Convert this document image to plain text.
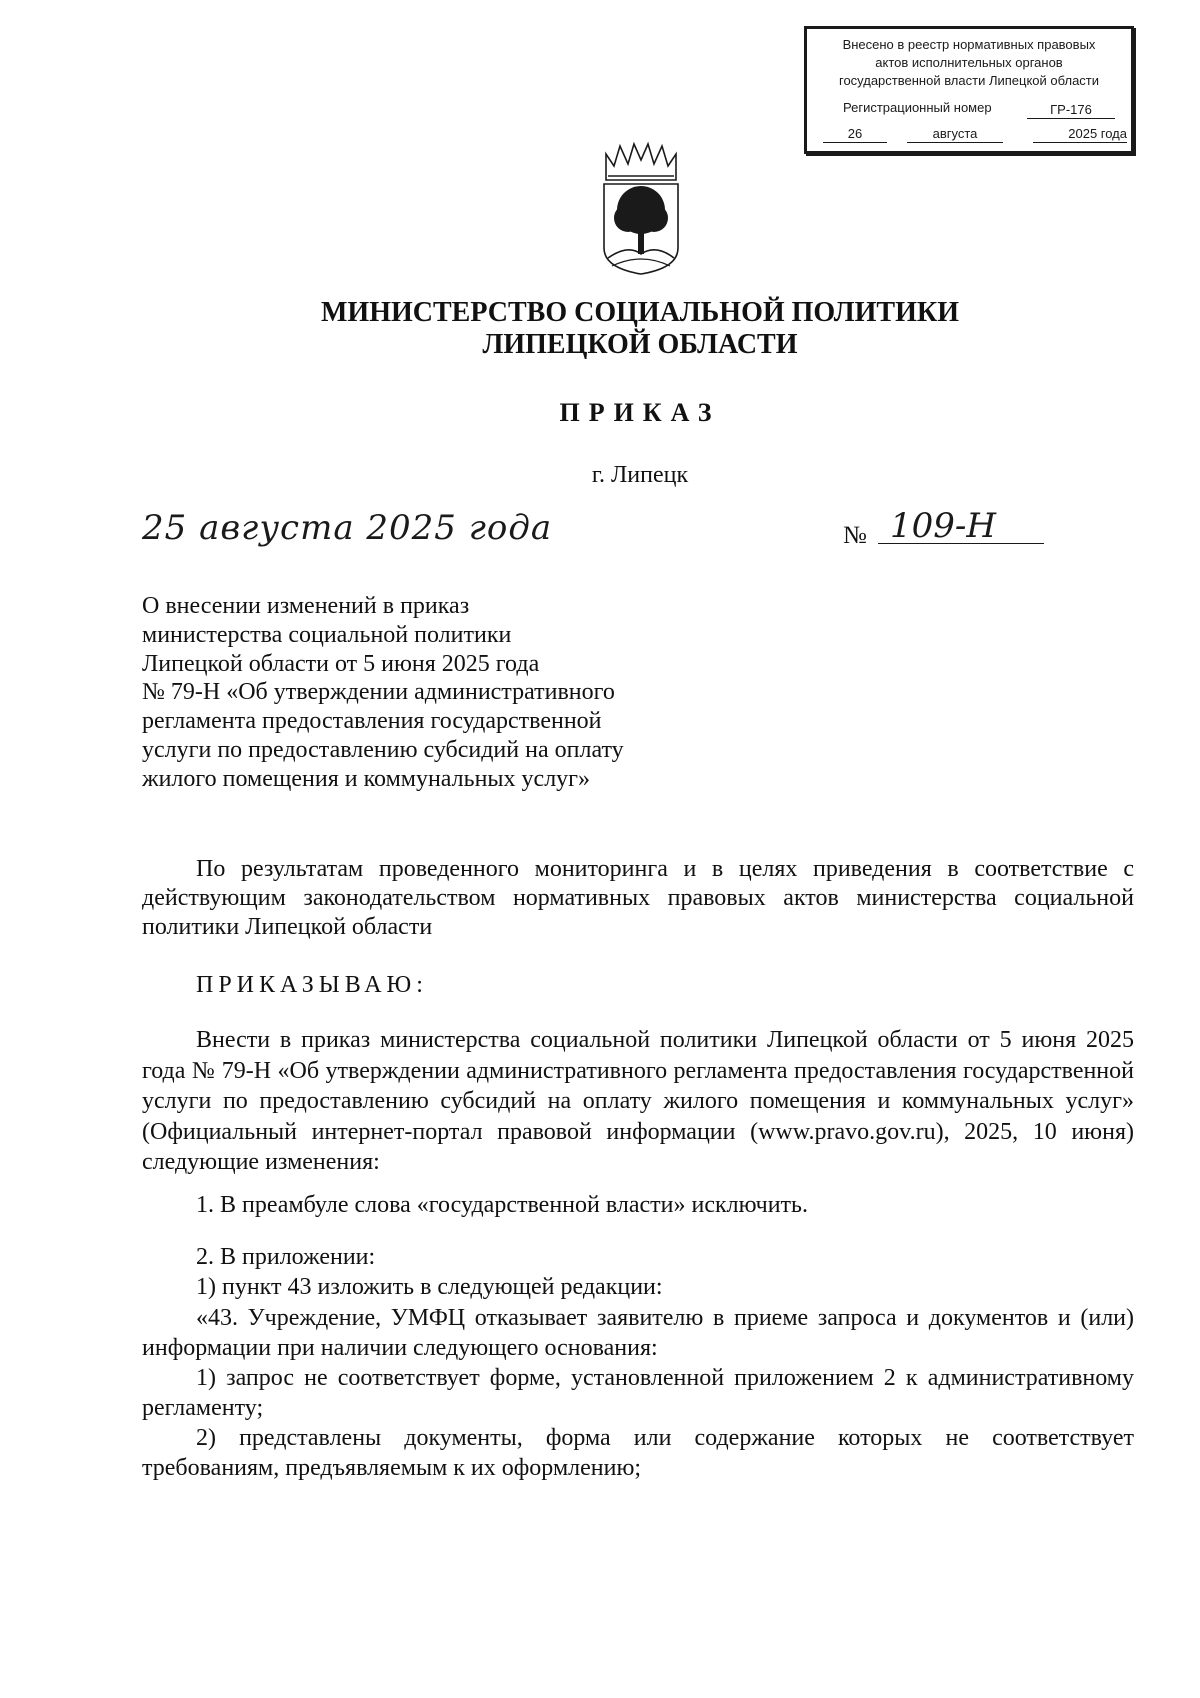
Внесено в реестр нормативных правовых
актов исполнительных органов
государственной власти Липецкой области
Регистрационный номер	ГР-176
26	августа	2025 года
МИНИСТЕРСТВО СОЦИАЛЬНОЙ ПОЛИТИКИ
ЛИПЕЦКОЙ ОБЛАСТИ
ПРИКАЗ
г. Липецк
25 августа 2025 года	№ 109-Н
О внесении изменений в приказ
министерства социальной политики
Липецкой области от 5 июня 2025 года
№ 79-Н «Об утверждении административного
регламента предоставления государственной
услуги по предоставлению субсидий на оплату
жилого помещения и коммунальных услуг»

По результатам проведенного мониторинга и в целях приведения в соответствие с действующим законодательством нормативных правовых актов министерства социальной политики Липецкой области

ПРИКАЗЫВАЮ:

Внести в приказ министерства социальной политики Липецкой области от 5 июня 2025 года № 79-Н «Об утверждении административного регламента предоставления государственной услуги по предоставлению субсидий на оплату жилого помещения и коммунальных услуг» (Официальный интернет-портал правовой информации (www.pravo.gov.ru), 2025, 10 июня) следующие изменения:

1. В преамбуле слова «государственной власти» исключить.
2. В приложении:
1) пункт 43 изложить в следующей редакции:

«43. Учреждение, УМФЦ отказывает заявителю в приеме запроса и документов и (или) информации при наличии следующего основания:

1) запрос не соответствует форме, установленной приложением 2 к административному регламенту;

2) представлены документы, форма или содержание которых не соответствует требованиям, предъявляемым к их оформлению;
